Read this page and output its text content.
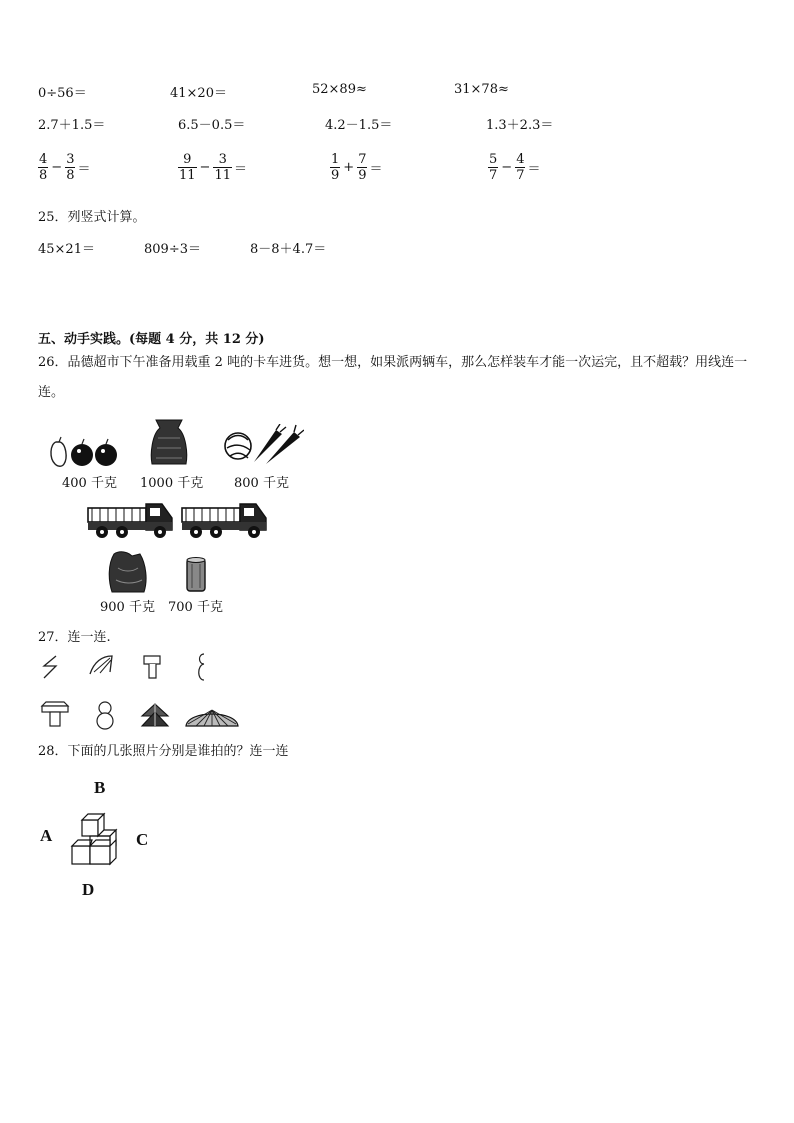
0÷56＝	41×20＝	52×89≈	31×78≈
2.7＋1.5＝	6.5－0.5＝	4.2－1.5＝	1.3＋2.3＝
$\frac{4}{8} - \frac{3}{8}$ ＝	$\frac{9}{11} - \frac{3}{11}$ ＝	$\frac{1}{9} + \frac{7}{9}$ ＝	$\frac{5}{7} - \frac{4}{7}$ ＝
25．列竖式计算。
45×21＝	809÷3＝	8－8＋4.7＝
五、动手实践。(每题 4 分，共 12 分)
26．品德超市下午准备用载重 2 吨的卡车进货。想一想，如果派两辆车，那么怎样装车才能一次运完，且不超载？用线连一连。
400 千克 1000 千克 800 千克
900 千克 700 千克
27．连一连.
28．下面的几张照片分别是谁拍的？连一连
B
A	C
D
